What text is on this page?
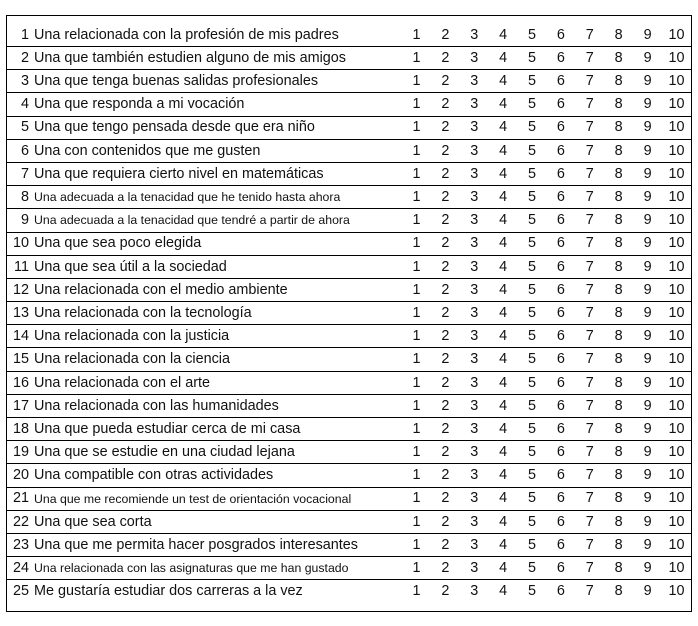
1	Una relacionada con la profesión de mis padres	1	2	3	4	5	6	7	8	9	10
2	Una que también estudien alguno de mis amigos	1	2	3	4	5	6	7	8	9	10
3	Una que tenga buenas salidas profesionales	1	2	3	4	5	6	7	8	9	10
4	Una que responda a mi vocación	1	2	3	4	5	6	7	8	9	10
5	Una que tengo pensada desde que era niño	1	2	3	4	5	6	7	8	9	10
6	Una con contenidos que me gusten	1	2	3	4	5	6	7	8	9	10
7	Una que requiera cierto nivel en matemáticas	1	2	3	4	5	6	7	8	9	10
8	Una adecuada a la tenacidad que he tenido hasta ahora	1	2	3	4	5	6	7	8	9	10
9	Una adecuada a la tenacidad que tendré a partir de ahora	1	2	3	4	5	6	7	8	9	10
10	Una que sea poco elegida	1	2	3	4	5	6	7	8	9	10
11	Una que sea útil a la sociedad	1	2	3	4	5	6	7	8	9	10
12	Una relacionada con el medio ambiente	1	2	3	4	5	6	7	8	9	10
13	Una relacionada con la tecnología	1	2	3	4	5	6	7	8	9	10
14	Una relacionada con la justicia	1	2	3	4	5	6	7	8	9	10
15	Una relacionada con la ciencia	1	2	3	4	5	6	7	8	9	10
16	Una relacionada con el arte	1	2	3	4	5	6	7	8	9	10
17	Una relacionada con las humanidades	1	2	3	4	5	6	7	8	9	10
18	Una que pueda estudiar cerca de mi casa	1	2	3	4	5	6	7	8	9	10
19	Una que se estudie en una ciudad lejana	1	2	3	4	5	6	7	8	9	10
20	Una compatible con otras actividades	1	2	3	4	5	6	7	8	9	10
21	Una que me recomiende un test de orientación vocacional	1	2	3	4	5	6	7	8	9	10
22	Una que sea corta	1	2	3	4	5	6	7	8	9	10
23	Una que me permita hacer posgrados interesantes	1	2	3	4	5	6	7	8	9	10
24	Una relacionada con las asignaturas que me han gustado	1	2	3	4	5	6	7	8	9	10
25	Me gustaría estudiar dos carreras a la vez	1	2	3	4	5	6	7	8	9	10
